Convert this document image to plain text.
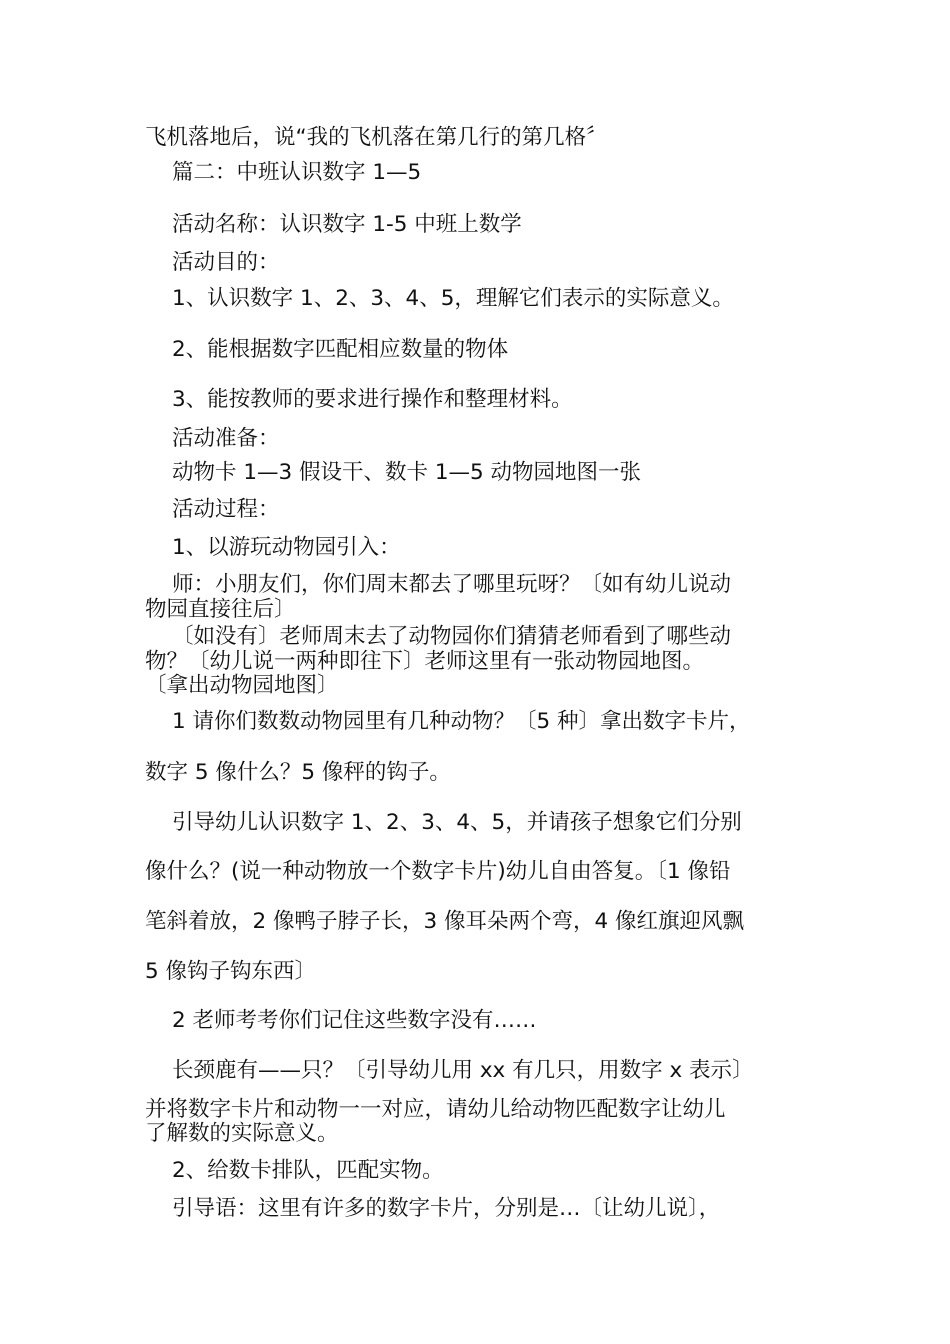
飞机落地后，说“我的飞机落在第几行的第几格〞
篇二：中班认识数字 1—5
活动名称：认识数字 1-5 中班上数学
活动目的：
1、认识数字 1、2、3、4、5，理解它们表示的实际意义。
2、能根据数字匹配相应数量的物体
3、能按教师的要求进行操作和整理材料。
活动准备：
动物卡 1—3 假设干、数卡 1—5 动物园地图一张
活动过程：
1、以游玩动物园引入：
师：小朋友们，你们周末都去了哪里玩呀？〔如有幼儿说动
物园直接往后〕
〔如没有〕老师周末去了动物园你们猜猜老师看到了哪些动
物？〔幼儿说一两种即往下〕老师这里有一张动物园地图。
〔拿出动物园地图〕
1 请你们数数动物园里有几种动物？〔5 种〕拿出数字卡片，
数字 5 像什么？5 像秤的钩子。
引导幼儿认识数字 1、2、3、4、5，并请孩子想象它们分别
像什么？(说一种动物放一个数字卡片)幼儿自由答复。〔1 像铅
笔斜着放，2 像鸭子脖子长，3 像耳朵两个弯，4 像红旗迎风飘
5 像钩子钩东西〕
2 老师考考你们记住这些数字没有……
长颈鹿有——只？〔引导幼儿用 xx 有几只，用数字 x 表示〕
并将数字卡片和动物一一对应，请幼儿给动物匹配数字让幼儿
了解数的实际意义。
2、给数卡排队，匹配实物。
引导语：这里有许多的数字卡片，分别是…〔让幼儿说〕，
